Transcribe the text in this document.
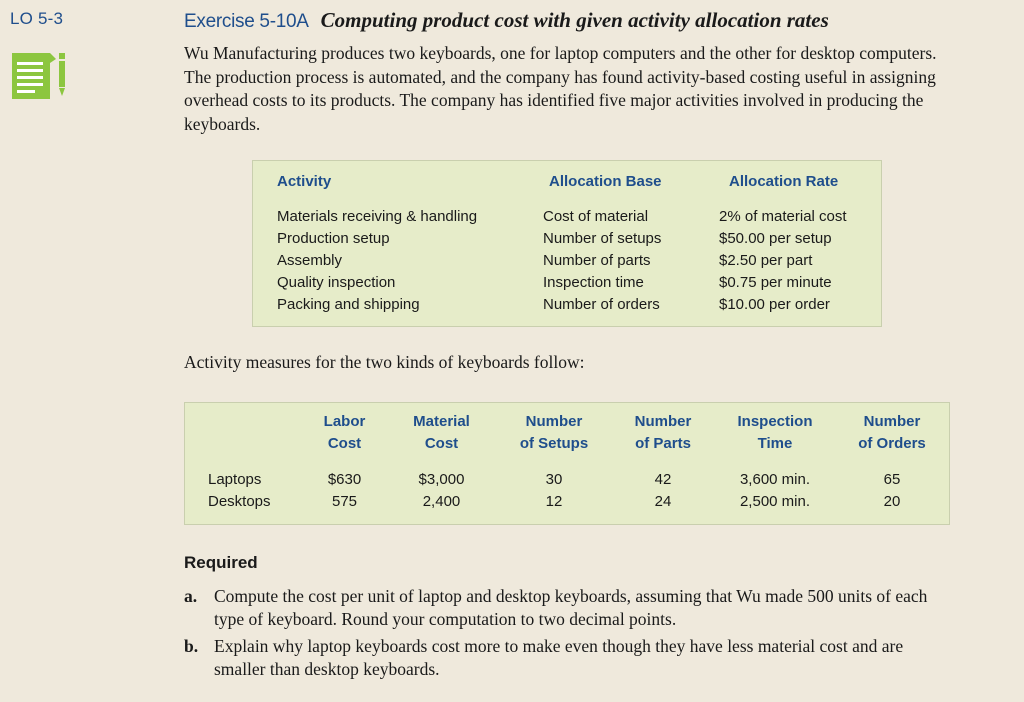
LO 5-3	Exercise 5-10A Computing product cost with given activity allocation rates

Wu Manufacturing produces two keyboards, one for laptop computers and the other for desktop computers. The production process is automated, and the company has found activity-based costing useful in assigning overhead costs to its products. The company has identified five major activities involved in producing the keyboards.

Activity
Materials receiving & handling
Production setup
Assembly
Quality inspection
Packing and shipping
Allocation Base
Cost of material
Number of setups
Number of parts
Inspection time
Number of orders
Allocation Rate
2% of material cost
$50.00 per setup
$2.50 per part
$0.75 per minute
$10.00 per order

Activity measures for the two kinds of keyboards follow:

Laptops
Desktops
Labor
Cost
$630
575
Material
Cost
$3,000
2,400
Number
of Setups
30
12
Number
of Parts
42
24
Inspection
Time
3,600 min.
2,500 min.
Number
of Orders
65
20
Required
a. Compute the cost per unit of laptop and desktop keyboards, assuming that Wu made 500 units of each type of keyboard. Round your computation to two decimal points.
b. Explain why laptop keyboards cost more to make even though they have less material cost and are smaller than desktop keyboards.
